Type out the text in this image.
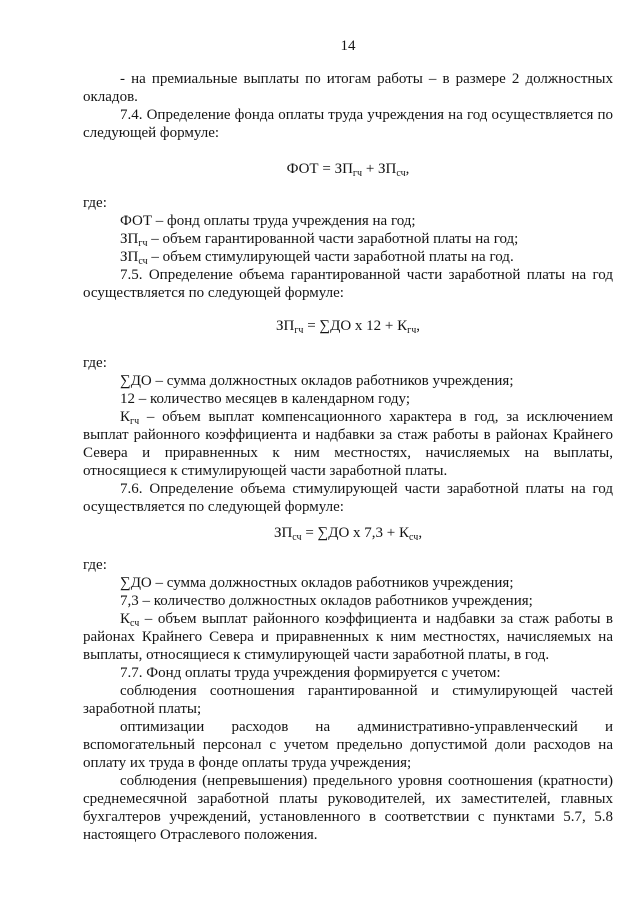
14

- на премиальные выплаты по итогам работы – в размере 2 должностных окладов.

7.4. Определение фонда оплаты труда учреждения на год осуществляется по следующей формуле:

ФОТ = $ЗП_{гч} + ЗП_{сч}$,

где:

ФОТ – фонд оплаты труда учреждения на год;

$ЗП_{гч}$ – объем гарантированной части заработной платы на год;

$ЗП_{сч}$ – объем стимулирующей части заработной платы на год.

7.5. Определение объема гарантированной части заработной платы на год осуществляется по следующей формуле:

$ЗП_{гч} = \sum ДО$ x $12 + К_{гч}$,

где:

∑ДО – сумма должностных окладов работников учреждения;

12 – количество месяцев в календарном году;

$К_{гч}$ – объем выплат компенсационного характера в год, за исключением выплат районного коэффициента и надбавки за стаж работы в районах Крайнего Севера и приравненных к ним местностях, начисляемых на выплаты, относящиеся к стимулирующей части заработной платы.

7.6. Определение объема стимулирующей части заработной платы на год осуществляется по следующей формуле:

$ЗП_{сч} = \sum ДО$ x $7,3 + К_{сч}$,

где:

∑ДО – сумма должностных окладов работников учреждения;

7,3 – количество должностных окладов работников учреждения;

$К_{сч}$ – объем выплат районного коэффициента и надбавки за стаж работы в районах Крайнего Севера и приравненных к ним местностях, начисляемых на выплаты, относящиеся к стимулирующей части заработной платы, в год.

7.7. Фонд оплаты труда учреждения формируется с учетом:

соблюдения соотношения гарантированной и стимулирующей частей заработной платы;

оптимизации расходов на административно-управленческий и вспомогательный персонал с учетом предельно допустимой доли расходов на оплату их труда в фонде оплаты труда учреждения;

соблюдения (непревышения) предельного уровня соотношения (кратности) среднемесячной заработной платы руководителей, их заместителей, главных бухгалтеров учреждений, установленного в соответствии с пунктами 5.7, 5.8 настоящего Отраслевого положения.
